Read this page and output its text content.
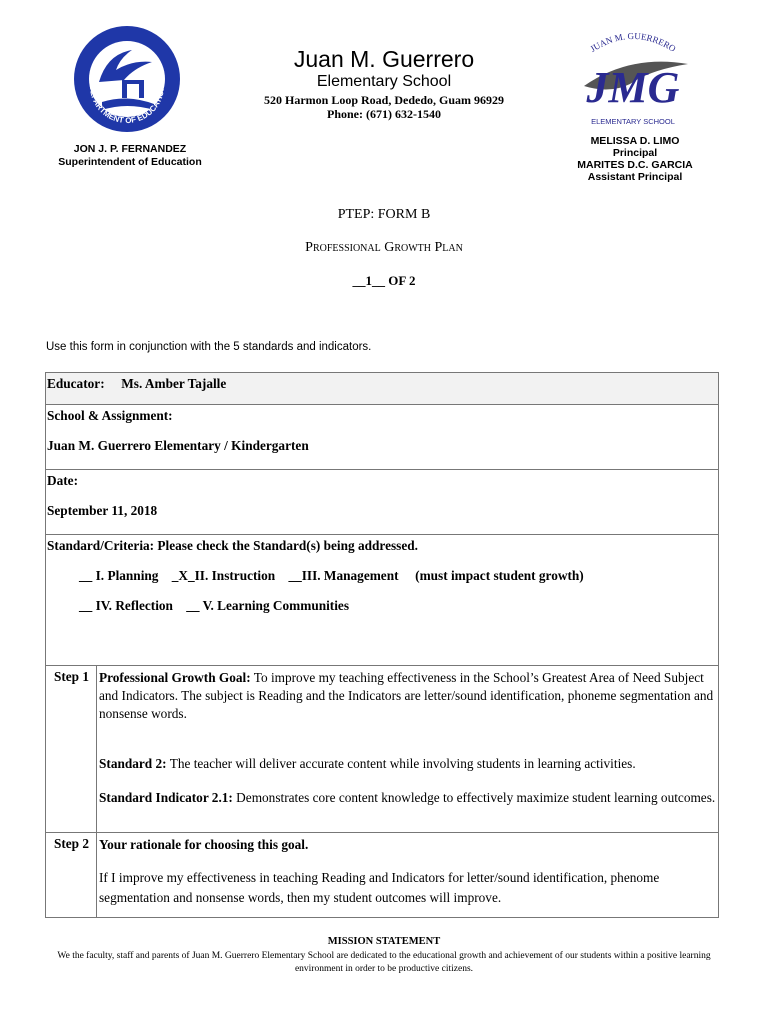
DEPARTMENT OF EDUCATION
JUAN M. GUERRERO
JMG
ELEMENTARY SCHOOL
Juan M. Guerrero
Elementary School
520 Harmon Loop Road, Dededo, Guam 96929
Phone: (671) 632-1540
JON J. P. FERNANDEZ
Superintendent of Education
MELISSA D. LIMO
Principal
MARITES D.C. GARCIA
Assistant Principal
PTEP: FORM B
Professional Growth Plan
__1__ OF 2
Use this form in conjunction with the 5 standards and indicators.
Educator: Ms. Amber Tajalle	

School & Assignment:
Juan M. Guerrero Elementary / Kindergarten	

Date:
September 11, 2018	

Standard/Criteria: Please check the Standard(s) being addressed.
__ I. Planning    _X_II. Instruction    __III. Management     (must impact student growth)
__ IV. Reflection    __ V. Learning Communities	

Step 1	Professional Growth Goal: To improve my teaching effectiveness in the School’s Greatest Area of Need Subject and Indicators. The subject is Reading and the Indicators are letter/sound identification, phoneme segmentation and nonsense words.
Standard 2: The teacher will deliver accurate content while involving students in learning activities.
Standard Indicator 2.1: Demonstrates core content knowledge to effectively maximize student learning outcomes.

Step 2	Your rationale for choosing this goal.
If I improve my effectiveness in teaching Reading and Indicators for letter/sound identification, phenome segmentation and nonsense words, then my student outcomes will improve.
MISSION STATEMENT
We the faculty, staff and parents of Juan M. Guerrero Elementary School are dedicated to the educational growth and achievement of our students within a positive learning environment in order to be productive citizens.
